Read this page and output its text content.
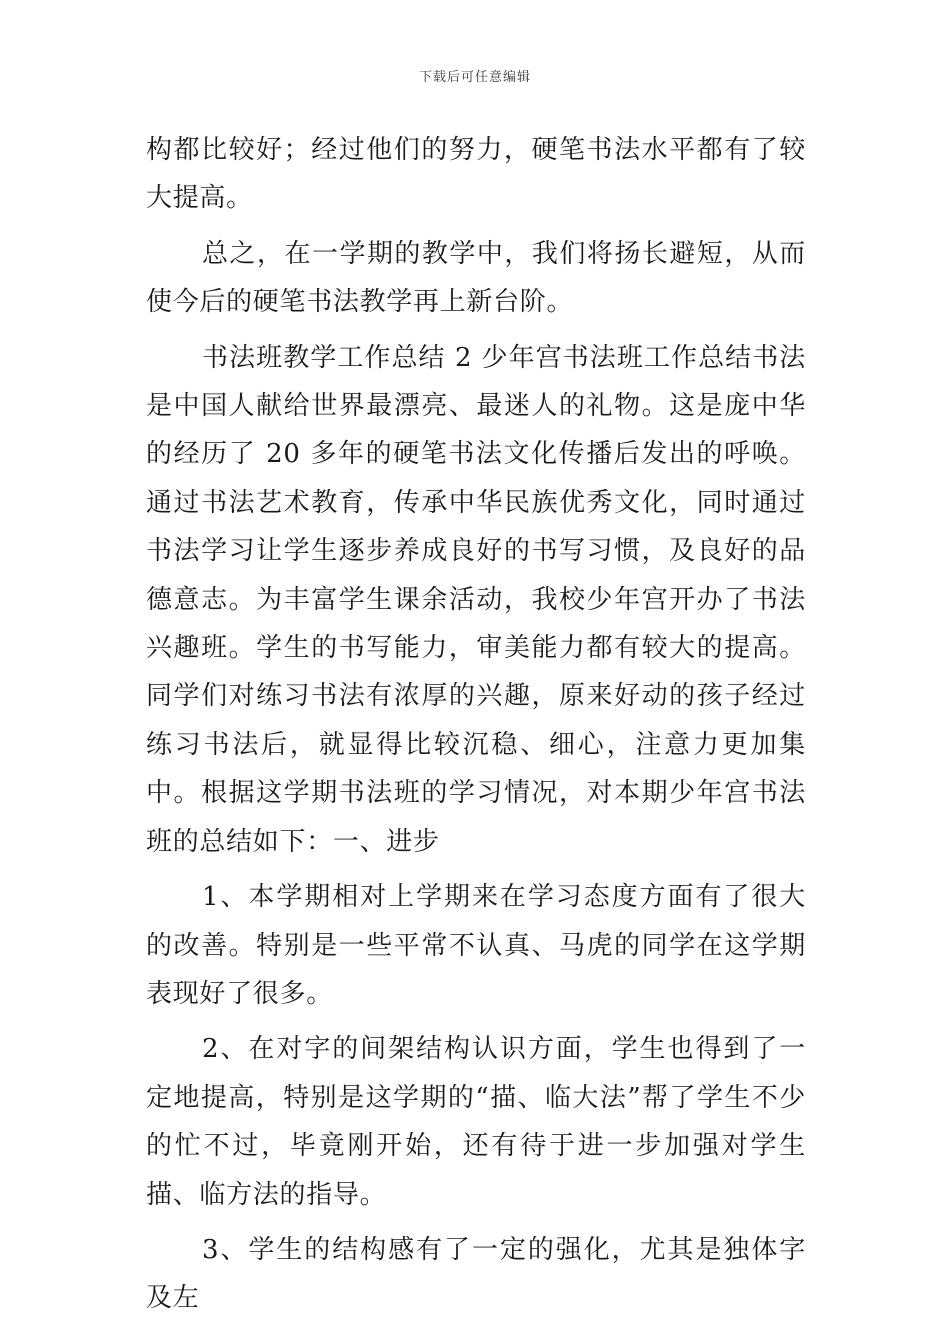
下载后可任意编辑

构都比较好；经过他们的努力，硬笔书法水平都有了较大提高。

总之，在一学期的教学中，我们将扬长避短，从而使今后的硬笔书法教学再上新台阶。

书法班教学工作总结 2 少年宫书法班工作总结书法是中国人献给世界最漂亮、最迷人的礼物。这是庞中华的经历了 20 多年的硬笔书法文化传播后发出的呼唤。通过书法艺术教育，传承中华民族优秀文化，同时通过书法学习让学生逐步养成良好的书写习惯，及良好的品德意志。为丰富学生课余活动，我校少年宫开办了书法兴趣班。学生的书写能力，审美能力都有较大的提高。同学们对练习书法有浓厚的兴趣，原来好动的孩子经过练习书法后，就显得比较沉稳、细心，注意力更加集中。根据这学期书法班的学习情况，对本期少年宫书法班的总结如下：一、进步

1、本学期相对上学期来在学习态度方面有了很大的改善。特别是一些平常不认真、马虎的同学在这学期表现好了很多。

2、在对字的间架结构认识方面，学生也得到了一定地提高，特别是这学期的“描、临大法”帮了学生不少的忙不过，毕竟刚开始，还有待于进一步加强对学生描、临方法的指导。

3、学生的结构感有了一定的强化，尤其是独体字及左
